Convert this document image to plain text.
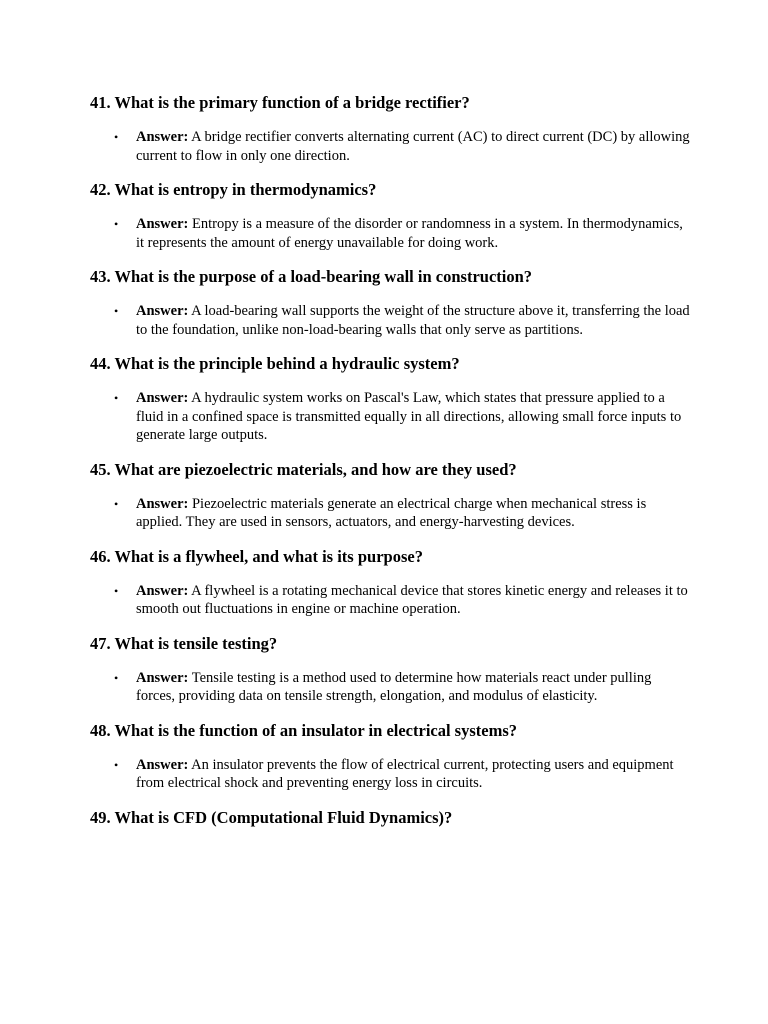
41. What is the primary function of a bridge rectifier?
• Answer: A bridge rectifier converts alternating current (AC) to direct current (DC) by allowing current to flow in only one direction.
42. What is entropy in thermodynamics?
• Answer: Entropy is a measure of the disorder or randomness in a system. In thermodynamics, it represents the amount of energy unavailable for doing work.
43. What is the purpose of a load-bearing wall in construction?
• Answer: A load-bearing wall supports the weight of the structure above it, transferring the load to the foundation, unlike non-load-bearing walls that only serve as partitions.
44. What is the principle behind a hydraulic system?
• Answer: A hydraulic system works on Pascal's Law, which states that pressure applied to a fluid in a confined space is transmitted equally in all directions, allowing small force inputs to generate large outputs.
45. What are piezoelectric materials, and how are they used?
• Answer: Piezoelectric materials generate an electrical charge when mechanical stress is applied. They are used in sensors, actuators, and energy-harvesting devices.
46. What is a flywheel, and what is its purpose?
• Answer: A flywheel is a rotating mechanical device that stores kinetic energy and releases it to smooth out fluctuations in engine or machine operation.
47. What is tensile testing?
• Answer: Tensile testing is a method used to determine how materials react under pulling forces, providing data on tensile strength, elongation, and modulus of elasticity.
48. What is the function of an insulator in electrical systems?
• Answer: An insulator prevents the flow of electrical current, protecting users and equipment from electrical shock and preventing energy loss in circuits.
49. What is CFD (Computational Fluid Dynamics)?
